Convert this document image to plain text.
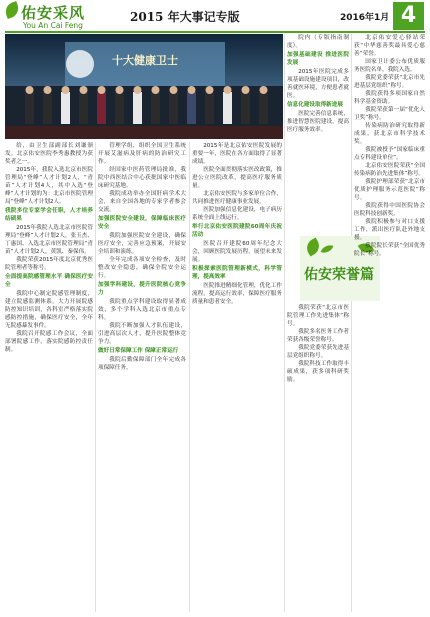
佑安采风
You An Cai Feng
2015 年大事记专版	2016年1月 4
十大健康卫士

给，由卫生部副部长刘谦颁发。北京佑安医院李秀惠教授为获奖者之一。

2015年，我院入选北京市医院管理局“登峰”人才计划2人，“青苗”人才计划4人，其中入选“登峰”人才计划的为：北京市医院管理局“登峰”人才计划2人。

我院多位专家学会任职，人才培养结硕果

2015年我院人选北京市医院管理局“登峰”人才计划2人，张玉杰、丁惠国、入选北京市医院管理局“青苗”人才计划2人，黄凯、秦保伟。

我院荣获2015年度北京优秀医院管理者等称号。

全面提高院感管理水平 确保医疗安全

我院中心制定院感管理制度，建立院感监测体系，大力开展院感防控知识培训，各科室严格落实院感防控措施，确保医疗安全，全年无院感暴发事件。

我院召开院感工作会议，全面部署院感工作，落实院感防控责任制。

管理学组，组织全国卫生系统开展艾滋病及肝病的防治研究工作。

经国家中医药管理局批准，我院中西医结合中心获批国家中医临床研究基地。

我院成功举办全国肝病学术大会，来自全国各地的专家学者参会交流。

加强医院安全建设，保障临床医疗安全

我院加强医院安全建设，确保医疗安全，完善应急预案，开展安全培训和演练。

全年完成各项安全检查，及时整改安全隐患，确保全院安全运行。

加强学科建设，提升医院核心竞争力

我院重点学科建设取得显著成效，多个学科入选北京市重点专科。

我院不断加强人才队伍建设，引进高层次人才，提升医院整体竞争力。

做好日常保障工作 保障正常运行

我院后勤保障部门全年完成各项保障任务。

2015年是北京佑安医院发展的重要一年，医院在各方面取得了显著成绩。

医院全面贯彻落实医改政策，推进公立医院改革，提高医疗服务质量。

北京佑安医院与多家单位合作，共同推进医疗健康事业发展。

医院加强信息化建设，电子病历系统全面上线运行。

举行北京佑安医院建院60周年庆祝活动

医院召开建院60周年纪念大会，回顾医院发展历程，展望未来发展。

积极探索医院管理新模式，科学管理，提高效率

医院推进精细化管理，优化工作流程，提高运行效率，保障医疗服务质量和患者安全。

院内（专版指南制度）。

加强基础建设 推进医院发展

2015年医院完成多项基础设施建设项目，改善就医环境，方便患者就医。

信息化建设取得新进展

医院完善信息系统，推进智慧医院建设，提高医疗服务效率。

佑安荣誉篇

我院荣获“北京市医院管理工作先进集体”称号。

我院多名医务工作者荣获各级荣誉称号。

我院党委荣获先进基层党组织称号。

我院科技工作取得丰硕成果，获多项科研奖励。

北京佑安爱心驿站荣获“中华慈善奖最具爱心慈善”荣誉。

国家卫计委公布优质服务医院名单，我院入选。

我院党委荣获“北京市先进基层党组织”称号。

我院获得多项国家自然科学基金资助。

我院荣获第一届“优化人卫奖”称号。

传染病防治研究取得新成果，获北京市科学技术奖。

我院被授予“国家临床重点专科建设单位”。

北京佑安医院荣获“全国传染病防治先进集体”称号。

我院护理部荣获“北京市优质护理服务示范医院”称号。

我院获得中国医院协会医院科技创新奖。

我院积极参与对口支援工作，派出医疗队赴外地支援。

我院院长荣获“全国优秀院长”称号。
